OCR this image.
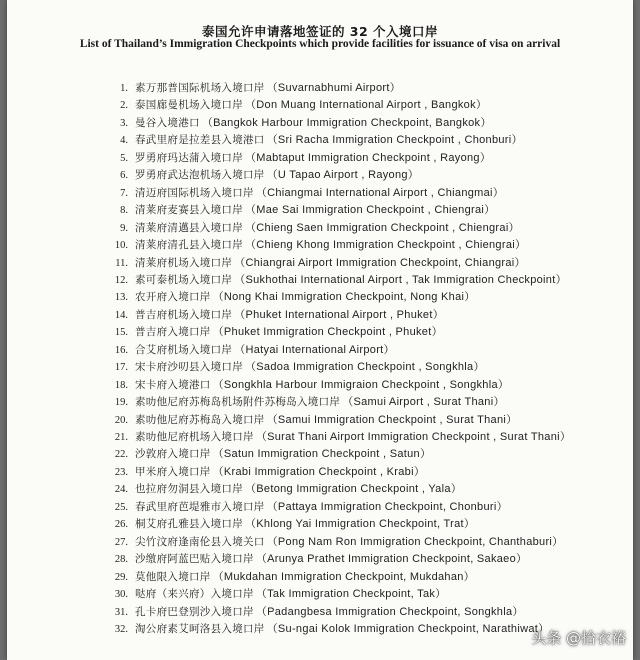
泰国允许申请落地签证的 32 个入境口岸
List of Thailand’s Immigration Checkpoints which provide facilities for issuance of visa on arrival
1. 素万那普国际机场入境口岸 （Suvarnabhumi Airport）
2. 泰国廊曼机场入境口岸 （Don Muang International Airport , Bangkok）
3. 曼谷入境港口 （Bangkok Harbour Immigration Checkpoint, Bangkok）
4. 春武里府是拉差县入境港口 （Sri Racha Immigration Checkpoint , Chonburi）
5. 罗勇府玛达蒲入境口岸 （Mabtaput Immigration Checkpoint , Rayong）
6. 罗勇府武达泡机场入境口岸 （U Tapao Airport , Rayong）
7. 清迈府国际机场入境口岸 （Chiangmai International Airport , Chiangmai）
8. 清莱府麦赛县入境口岸 （Mae Sai Immigration Checkpoint , Chiengrai）
9. 清莱府清邁县入境口岸 （Chieng Saen Immigration Checkpoint , Chiengrai）
10. 清莱府清孔县入境口岸 （Chieng Khong Immigration Checkpoint , Chiengrai）
11. 清莱府机场入境口岸 （Chiangrai Airport Immigration Checkpoint, Chiangrai）
12. 素可泰机场入境口岸 （Sukhothai International Airport , Tak Immigration Checkpoint）
13. 农开府入境口岸 （Nong Khai Immigration Checkpoint, Nong Khai）
14. 普吉府机场入境口岸 （Phuket International Airport , Phuket）
15. 普吉府入境口岸 （Phuket Immigration Checkpoint , Phuket）
16. 合艾府机场入境口岸 （Hatyai International Airport）
17. 宋卡府沙叨县入境口岸 （Sadoa Immigration Checkpoint , Songkhla）
18. 宋卡府入境港口 （Songkhla Harbour Immigraion Checkpoint , Songkhla）
19. 素叻他尼府苏梅岛机场附件苏梅岛入境口岸 （Samui Airport , Surat Thani）
20. 素叻他尼府苏梅岛入境口岸 （Samui Immigration Checkpoint , Surat Thani）
21. 素叻他尼府机场入境口岸 （Surat Thani Airport Immigration Checkpoint , Surat Thani）
22. 沙敦府入境口岸 （Satun Immigration Checkpoint , Satun）
23. 甲米府入境口岸 （Krabi Immigration Checkpoint , Krabi）
24. 也拉府勿洞县入境口岸 （Betong Immigration Checkpoint , Yala）
25. 春武里府芭堤雅市入境口岸 （Pattaya Immigration Checkpoint, Chonburi）
26. 桐艾府孔雅县入境口岸 （Khlong Yai Immigration Checkpoint, Trat）
27. 尖竹汶府逢南伦县入境关口 （Pong Nam Ron Immigration Checkpoint, Chanthaburi）
28. 沙缴府阿蓝巴贴入境口岸 （Arunya Prathet Immigration Checkpoint, Sakaeo）
29. 莫他限入境口岸 （Mukdahan Immigration Checkpoint, Mukdahan）
30. 哒府（来兴府）入境口岸 （Tak Immigration Checkpoint, Tak）
31. 孔卡府巴登别沙入境口岸 （Padangbesa Immigration Checkpoint, Songkhla）
32. 淘公府素艾呵洛县入境口岸 （Su-ngai Kolok Immigration Checkpoint, Narathiwat）
头条 @拾衣裕
